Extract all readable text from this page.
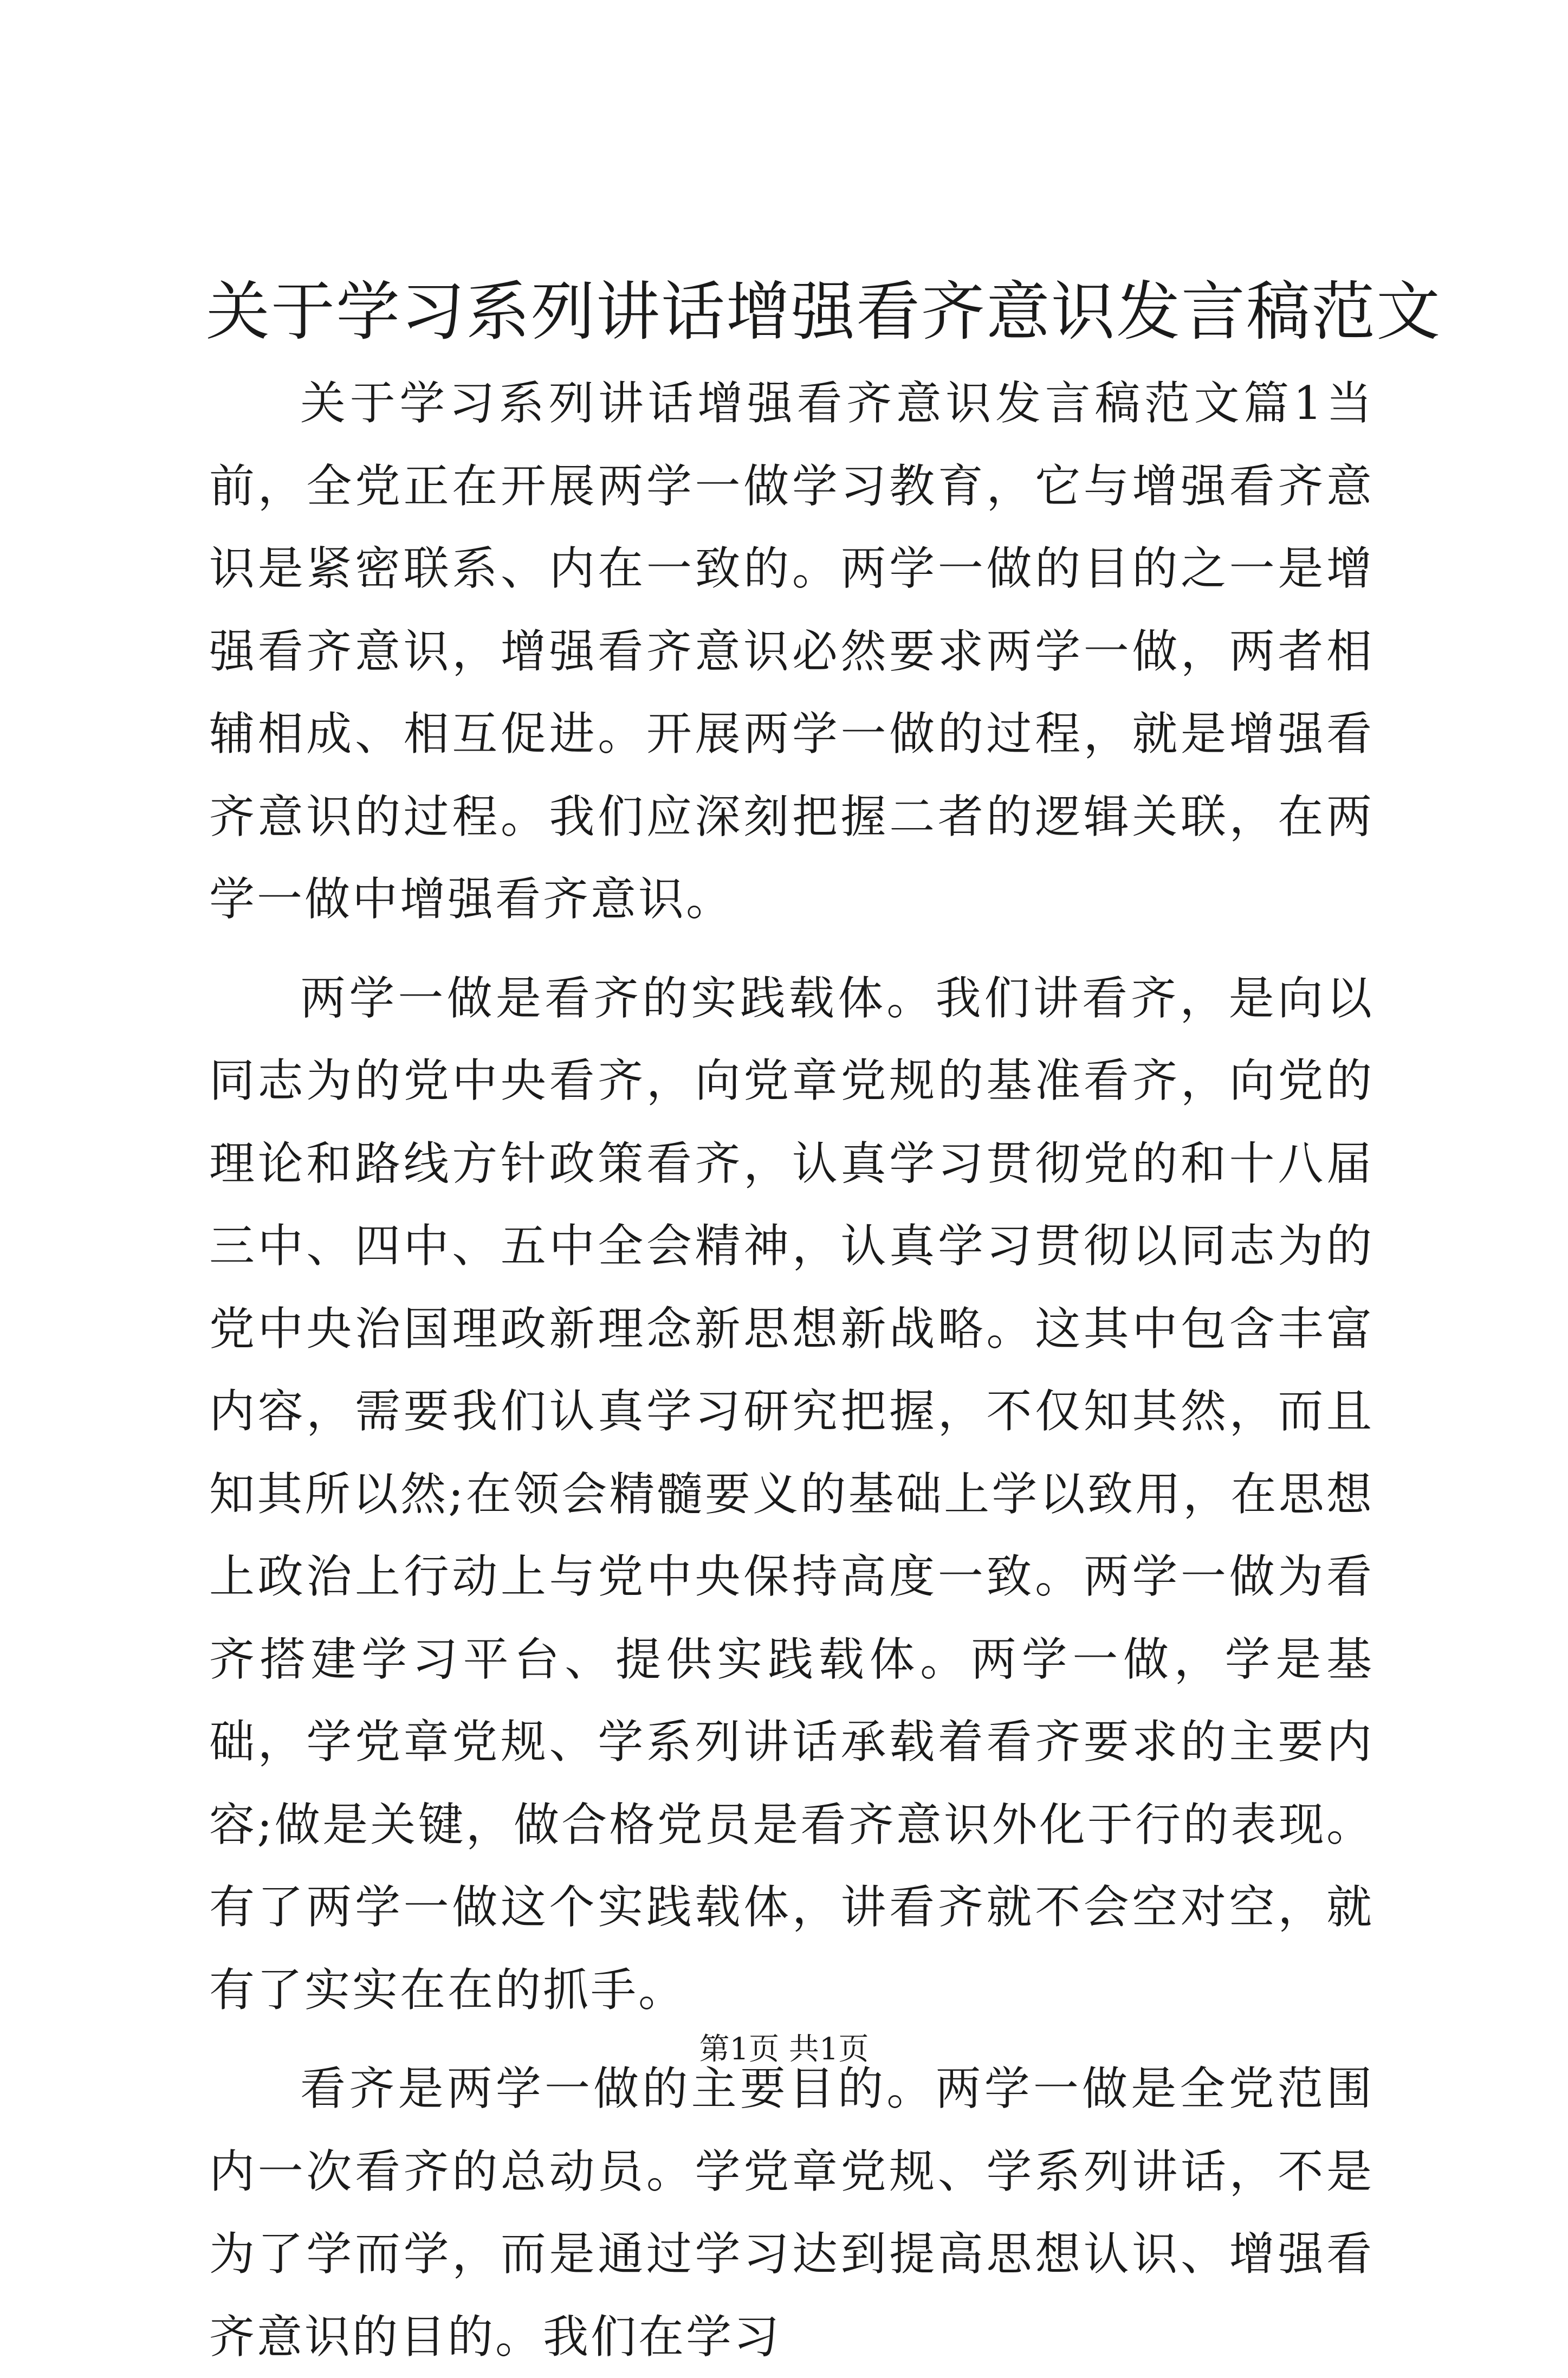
关于学习系列讲话增强看齐意识发言稿范文

关于学习系列讲话增强看齐意识发言稿范文篇1当前，全党正在开展两学一做学习教育，它与增强看齐意识是紧密联系、内在一致的。两学一做的目的之一是增强看齐意识，增强看齐意识必然要求两学一做，两者相辅相成、相互促进。开展两学一做的过程，就是增强看齐意识的过程。我们应深刻把握二者的逻辑关联，在两学一做中增强看齐意识。

两学一做是看齐的实践载体。我们讲看齐，是向以同志为的党中央看齐，向党章党规的基准看齐，向党的理论和路线方针政策看齐，认真学习贯彻党的和十八届三中、四中、五中全会精神，认真学习贯彻以同志为的党中央治国理政新理念新思想新战略。这其中包含丰富内容，需要我们认真学习研究把握，不仅知其然，而且知其所以然;在领会精髓要义的基础上学以致用，在思想上政治上行动上与党中央保持高度一致。两学一做为看齐搭建学习平台、提供实践载体。两学一做，学是基础，学党章党规、学系列讲话承载着看齐要求的主要内容;做是关键，做合格党员是看齐意识外化于行的表现。有了两学一做这个实践载体，讲看齐就不会空对空，就有了实实在在的抓手。

看齐是两学一做的主要目的。两学一做是全党范围内一次看齐的总动员。学党章党规、学系列讲话，不是为了学而学，而是通过学习达到提高思想认识、增强看齐意识的目的。我们在学习

第1页 共1页
